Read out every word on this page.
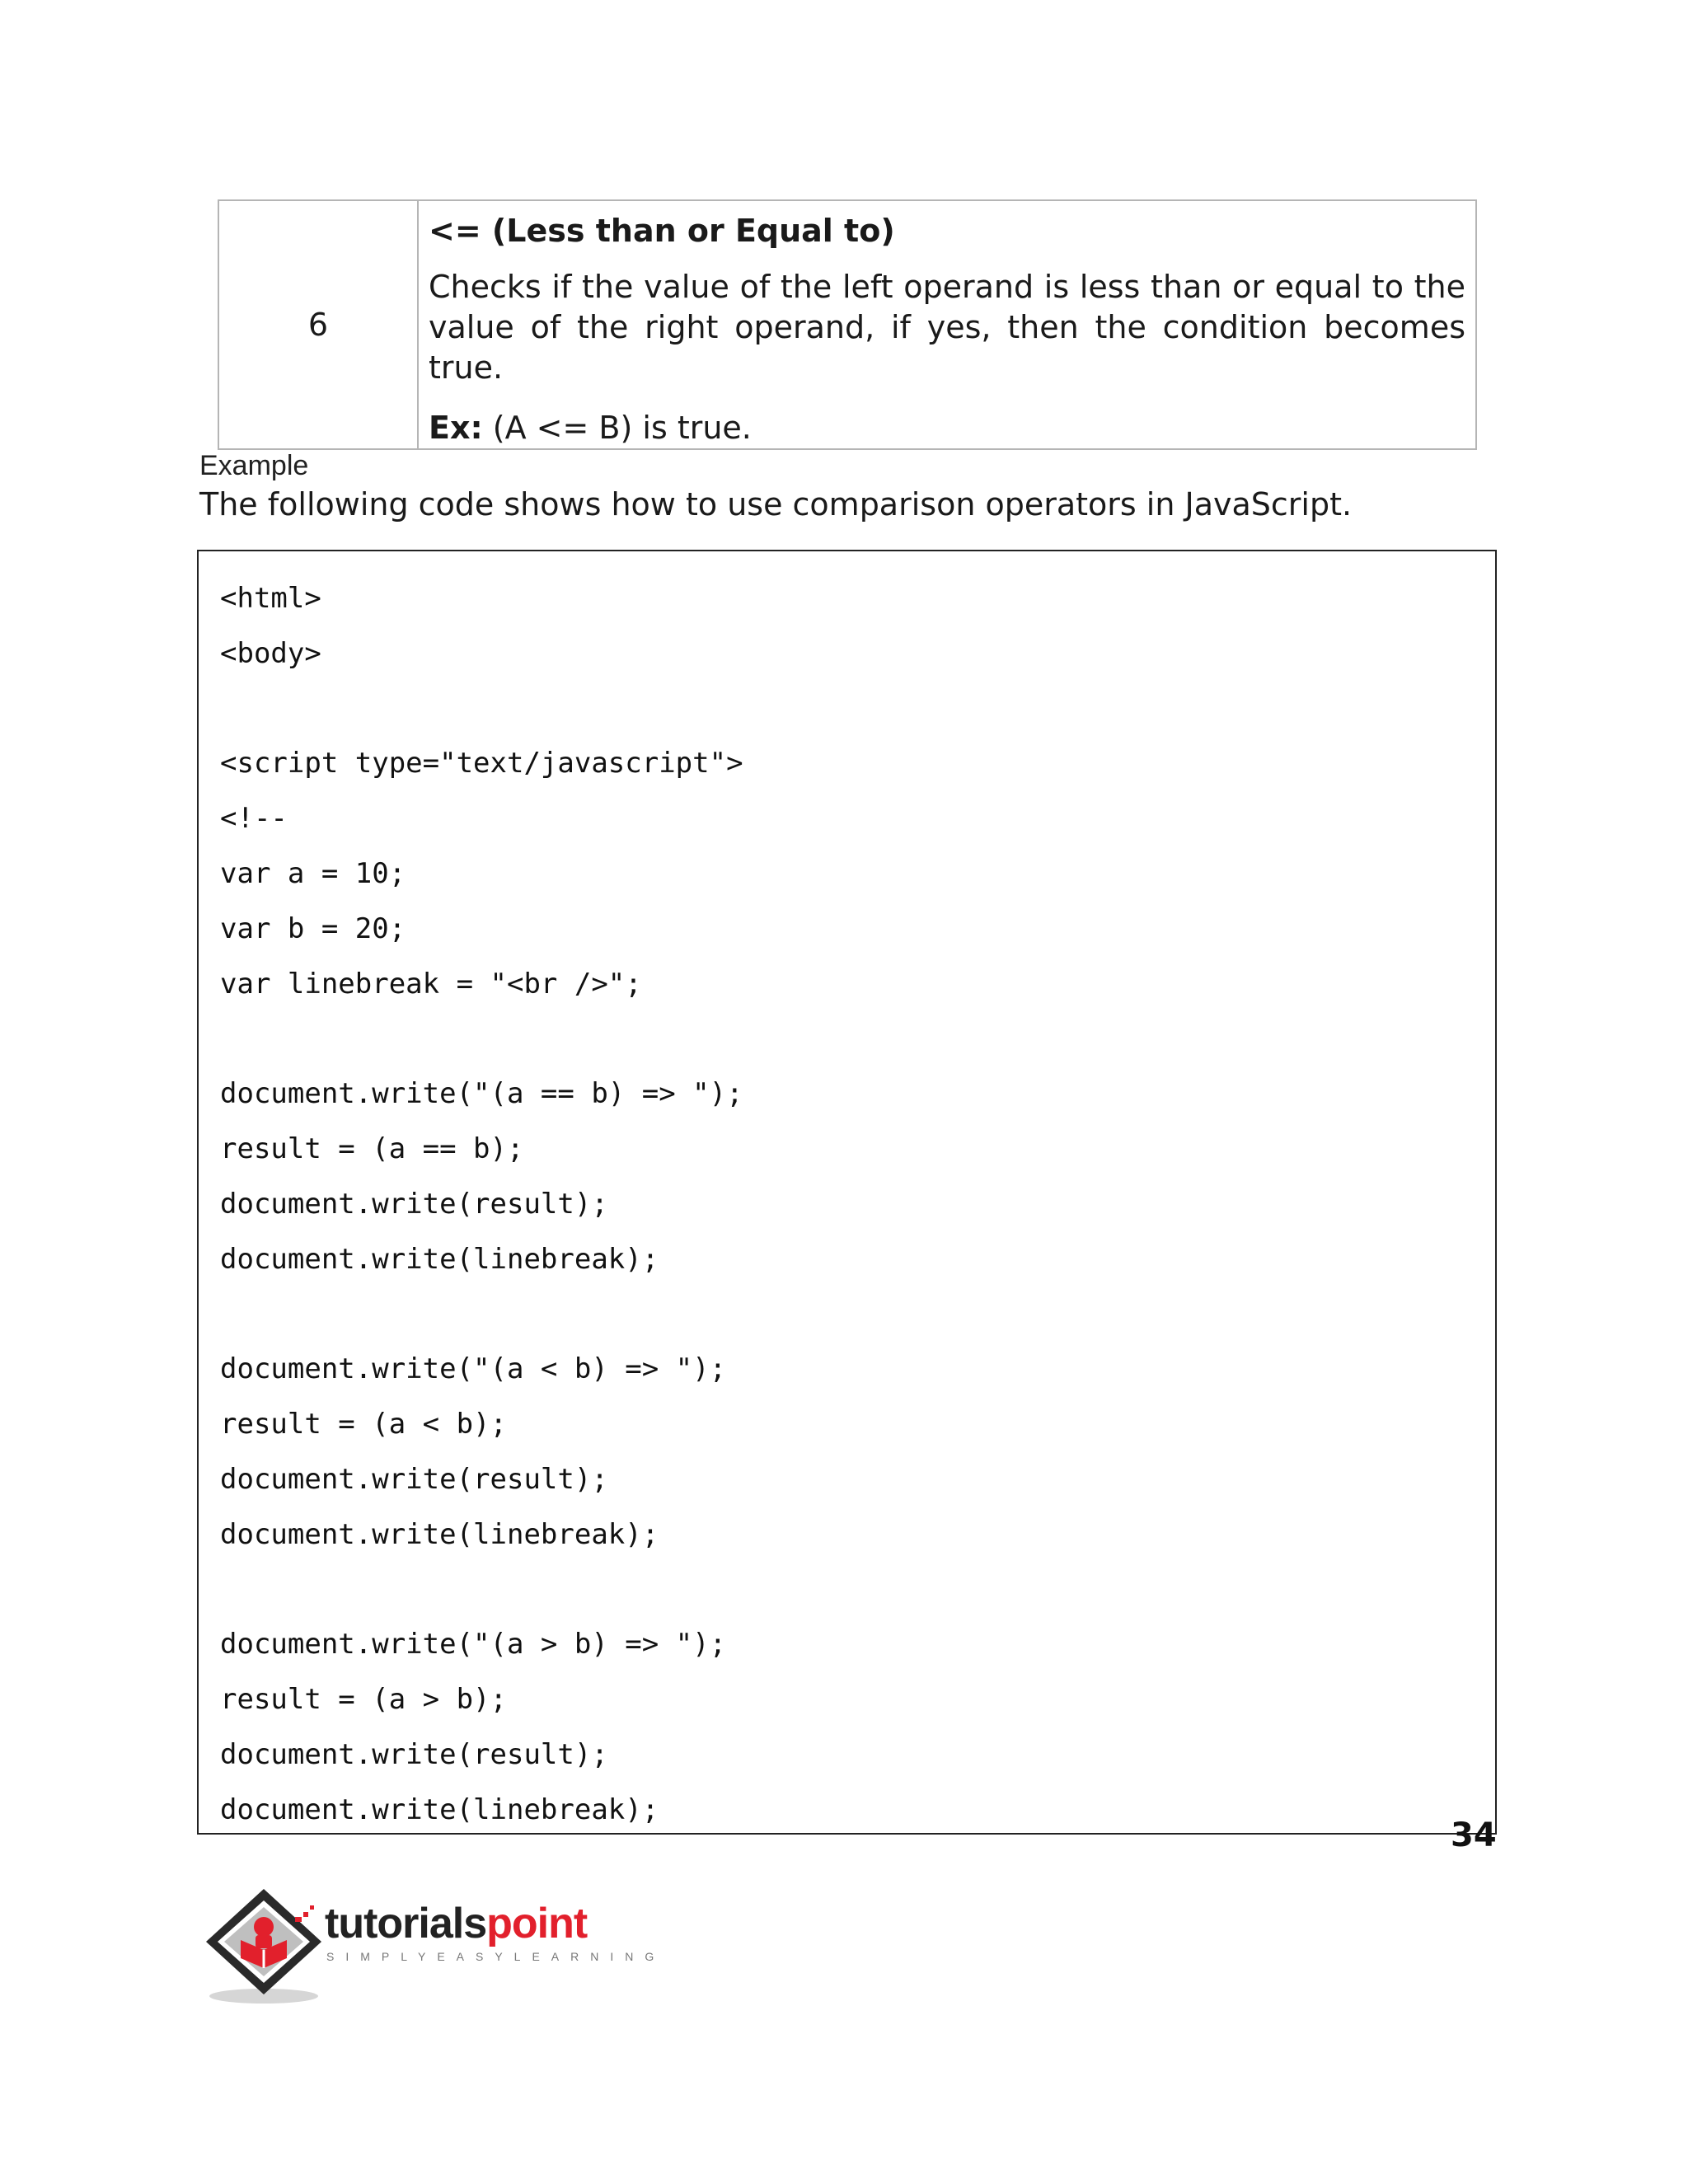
6

<= (Less than or Equal to)

Checks if the value of the left operand is less than or equal to the value of the right operand, if yes, then the condition becomes true.

Ex: (A <= B) is true.

Example
The following code shows how to use comparison operators in JavaScript.
<html>
<body>
<script type="text/javascript">
<!--
var a = 10;
var b = 20;
var linebreak = "<br />";
document.write("(a == b) => ");
result = (a == b);
document.write(result);
document.write(linebreak);
document.write("(a < b) => ");
result = (a < b);
document.write(result);
document.write(linebreak);
document.write("(a > b) => ");
result = (a > b);
document.write(result);
document.write(linebreak);
34
tutorialspoint
SIMPLYEASYLEARNING
